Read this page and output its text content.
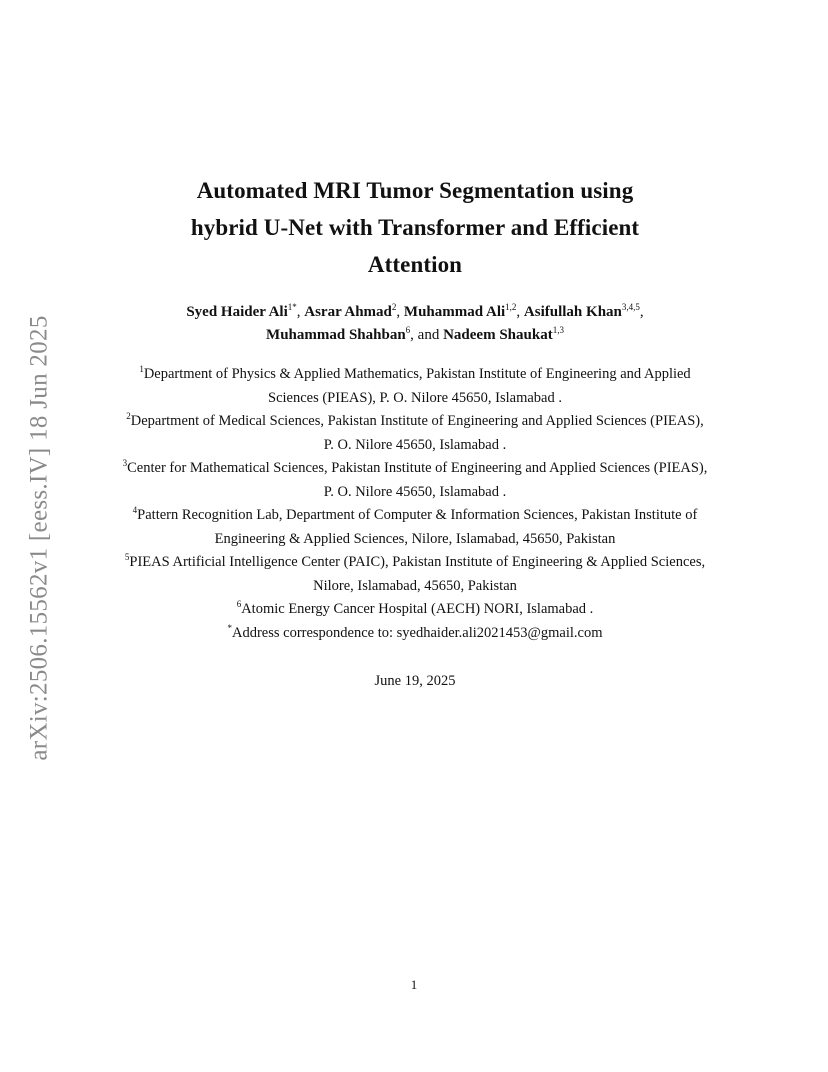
arXiv:2506.15562v1 [eess.IV] 18 Jun 2025
Automated MRI Tumor Segmentation using
hybrid U-Net with Transformer and Efficient
Attention
Syed Haider Ali$^{1*}$, Asrar Ahmad$^2$, Muhammad Ali$^{1,2}$, Asifullah Khan$^{3,4,5}$,
Muhammad Shahban$^6$, and Nadeem Shaukat$^{1,3}$
$^1$Department of Physics & Applied Mathematics, Pakistan Institute of Engineering and Applied Sciences (PIEAS), P. O. Nilore 45650, Islamabad .
$^2$Department of Medical Sciences, Pakistan Institute of Engineering and Applied Sciences (PIEAS), P. O. Nilore 45650, Islamabad .
$^3$Center for Mathematical Sciences, Pakistan Institute of Engineering and Applied Sciences (PIEAS), P. O. Nilore 45650, Islamabad .
$^4$Pattern Recognition Lab, Department of Computer & Information Sciences, Pakistan Institute of Engineering & Applied Sciences, Nilore, Islamabad, 45650, Pakistan
$^5$PIEAS Artificial Intelligence Center (PAIC), Pakistan Institute of Engineering & Applied Sciences, Nilore, Islamabad, 45650, Pakistan
$^6$Atomic Energy Cancer Hospital (AECH) NORI, Islamabad .
*Address correspondence to: syedhaider.ali2021453@gmail.com
June 19, 2025
1
